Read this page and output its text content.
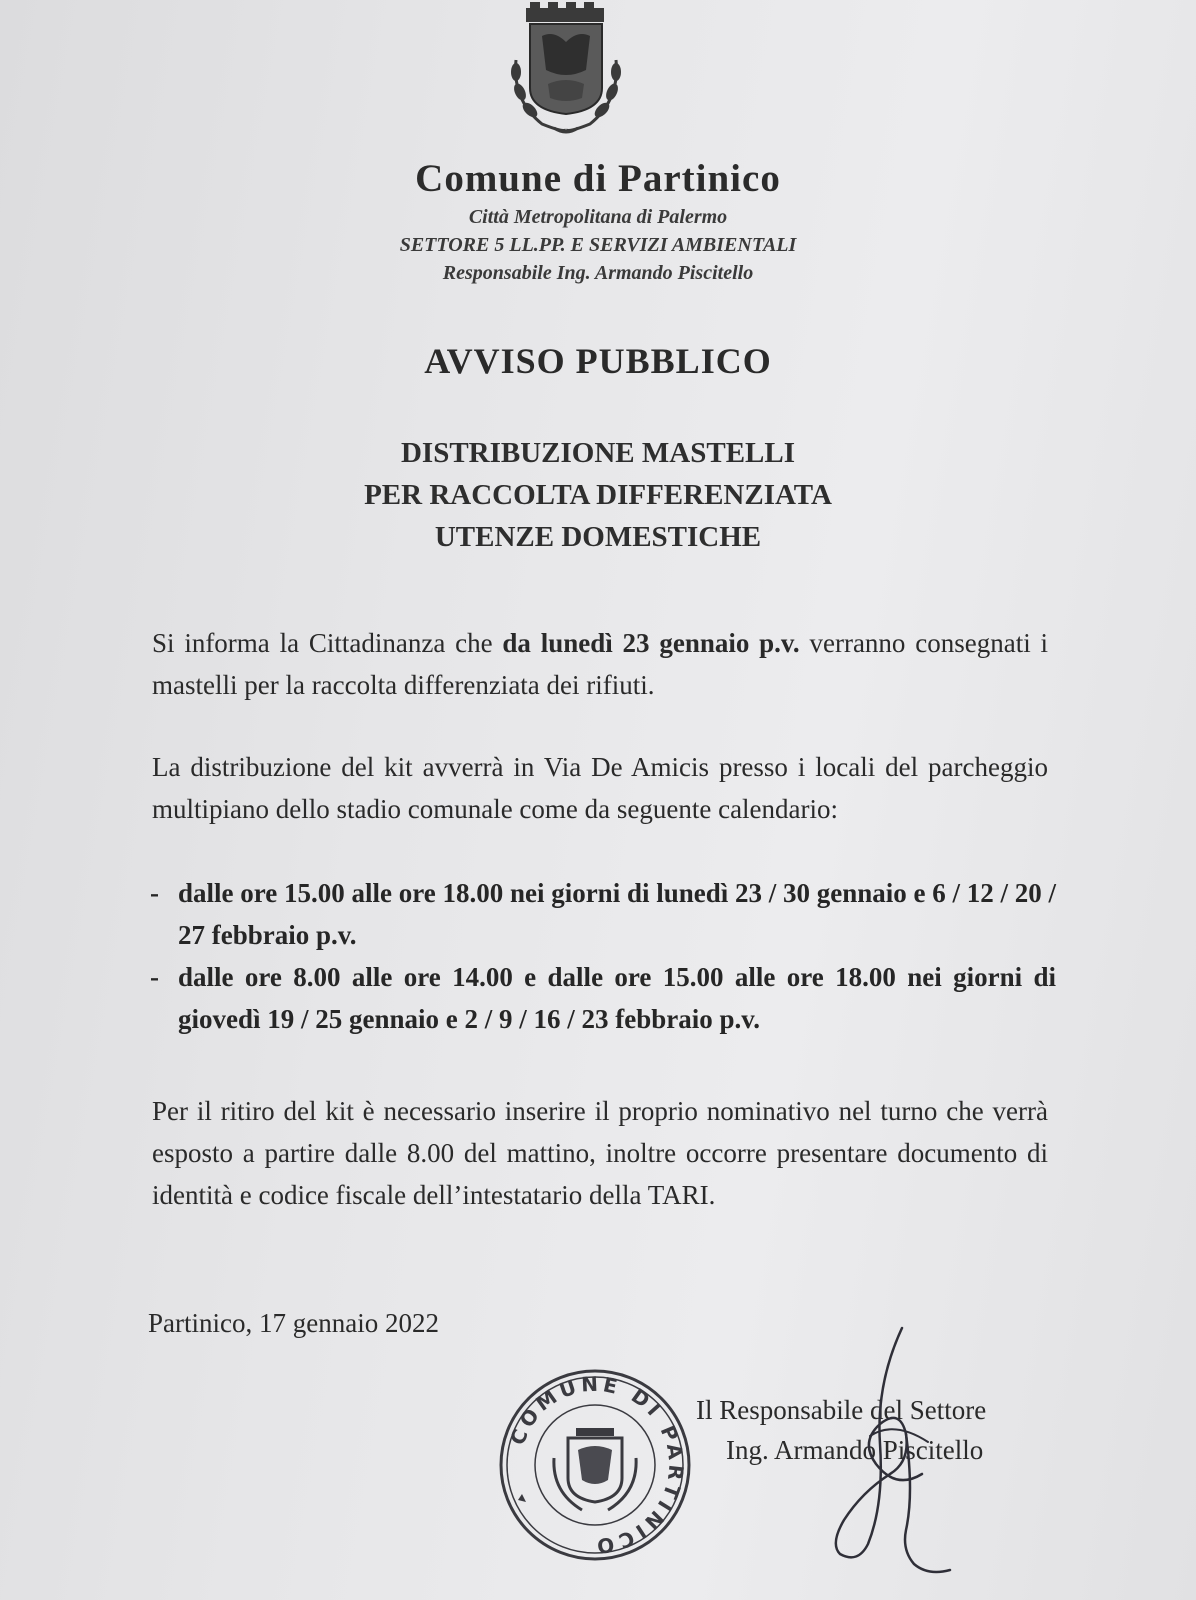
Comune di Partinico
Città Metropolitana di Palermo
SETTORE 5 LL.PP. E SERVIZI AMBIENTALI
Responsabile Ing. Armando Piscitello
AVVISO PUBBLICO
DISTRIBUZIONE MASTELLI
PER RACCOLTA DIFFERENZIATA
UTENZE DOMESTICHE
Si informa la Cittadinanza che da lunedì 23 gennaio p.v. verranno consegnati i mastelli per la raccolta differenziata dei rifiuti.
La distribuzione del kit avverrà in Via De Amicis presso i locali del parcheggio multipiano dello stadio comunale come da seguente calendario:
- dalle ore 15.00 alle ore 18.00 nei giorni di lunedì 23 / 30 gennaio e 6 / 12 / 20 / 27 febbraio p.v.
- dalle ore 8.00 alle ore 14.00 e dalle ore 15.00 alle ore 18.00 nei giorni di giovedì 19 / 25 gennaio e 2 / 9 / 16 / 23 febbraio p.v.
Per il ritiro del kit è necessario inserire il proprio nominativo nel turno che verrà esposto a partire dalle 8.00 del mattino, inoltre occorre presentare documento di identità e codice fiscale dell’intestatario della TARI.
Partinico, 17 gennaio 2022
COMUNE DI PARTINICO
Il Responsabile del Settore
Ing. Armando Piscitello
